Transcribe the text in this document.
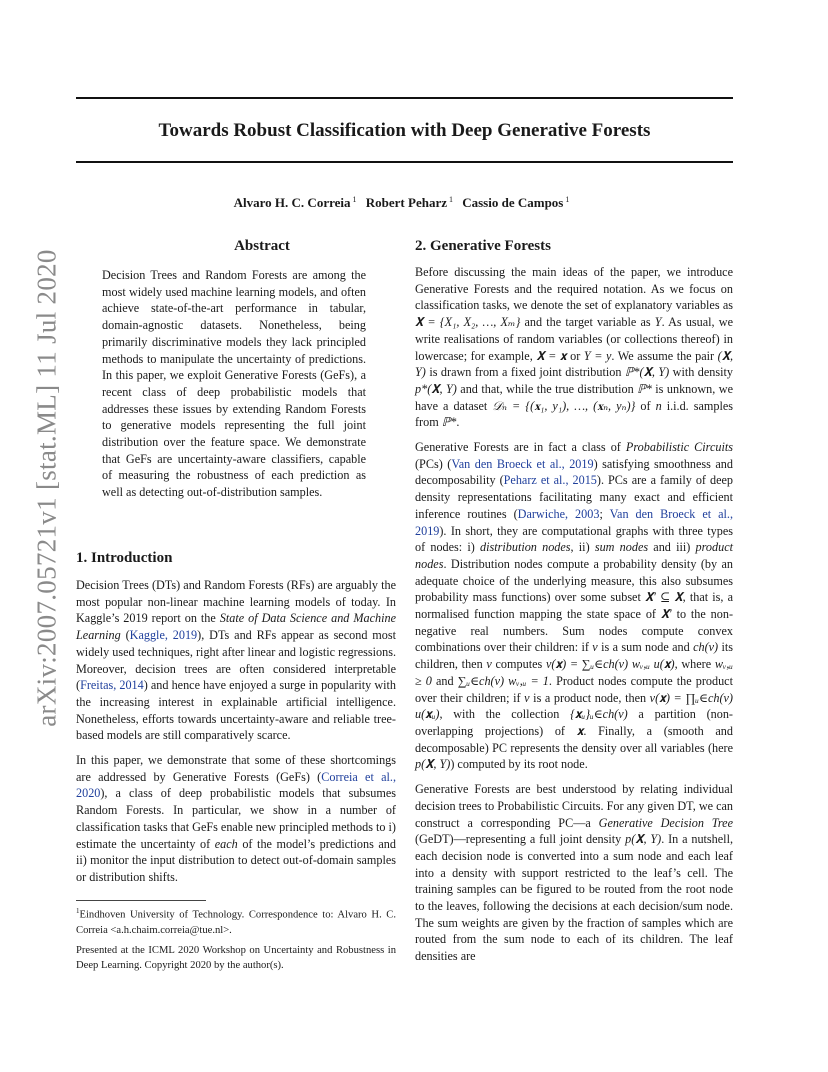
Towards Robust Classification with Deep Generative Forests
Alvaro H. C. Correia $^1$ Robert Peharz $^1$ Cassio de Campos $^1$
arXiv:2007.05721v1 [stat.ML] 11 Jul 2020
Abstract

Decision Trees and Random Forests are among the most widely used machine learning models, and often achieve state-of-the-art performance in tabular, domain-agnostic datasets. Nonetheless, being primarily discriminative models they lack principled methods to manipulate the uncertainty of predictions. In this paper, we exploit Generative Forests (GeFs), a recent class of deep probabilistic models that addresses these issues by extending Random Forests to generative models representing the full joint distribution over the feature space. We demonstrate that GeFs are uncertainty-aware classifiers, capable of measuring the robustness of each prediction as well as detecting out-of-distribution samples.

1. Introduction

Decision Trees (DTs) and Random Forests (RFs) are arguably the most popular non-linear machine learning models of today. In Kaggle’s 2019 report on the State of Data Science and Machine Learning (Kaggle, 2019), DTs and RFs appear as second most widely used techniques, right after linear and logistic regressions. Moreover, decision trees are often considered interpretable (Freitas, 2014) and hence have enjoyed a surge in popularity with the increasing interest in explainable artificial intelligence. Nonetheless, efforts towards uncertainty-aware and reliable tree-based models are still comparatively scarce.

In this paper, we demonstrate that some of these shortcomings are addressed by Generative Forests (GeFs) (Correia et al., 2020), a class of deep probabilistic models that subsumes Random Forests. In particular, we show in a number of classification tasks that GeFs enable new principled methods to i) estimate the uncertainty of each of the model’s predictions and ii) monitor the input distribution to detect out-of-domain samples or distribution shifts.

$^1$Eindhoven University of Technology. Correspondence to: Alvaro H. C. Correia <a.h.chaim.correia@tue.nl>.
Presented at the ICML 2020 Workshop on Uncertainty and Robustness in Deep Learning. Copyright 2020 by the author(s).
2. Generative Forests

Before discussing the main ideas of the paper, we introduce Generative Forests and the required notation. As we focus on classification tasks, we denote the set of explanatory variables as 𝐗 = {X₁, X₂, …, Xₘ} and the target variable as Y. As usual, we write realisations of random variables (or collections thereof) in lowercase; for example, 𝐗 = 𝐱 or Y = y. We assume the pair (𝐗, Y) is drawn from a fixed joint distribution ℙ*(𝐗, Y) with density p*(𝐗, Y) and that, while the true distribution ℙ* is unknown, we have a dataset 𝒟ₙ = {(𝐱₁, y₁), …, (𝐱ₙ, yₙ)} of n i.i.d. samples from ℙ*.

Generative Forests are in fact a class of Probabilistic Circuits (PCs) (Van den Broeck et al., 2019) satisfying smoothness and decomposability (Peharz et al., 2015). PCs are a family of deep density representations facilitating many exact and efficient inference routines (Darwiche, 2003; Van den Broeck et al., 2019). In short, they are computational graphs with three types of nodes: i) distribution nodes, ii) sum nodes and iii) product nodes. Distribution nodes compute a probability density (by an adequate choice of the underlying measure, this also subsumes probability mass functions) over some subset 𝐗′ ⊆ 𝐗, that is, a normalised function mapping the state space of 𝐗′ to the non-negative real numbers. Sum nodes compute convex combinations over their children: if v is a sum node and ch(v) its children, then v computes v(𝐱) = ∑ᵤ∈ch(v) wᵥ,ᵤ u(𝐱), where wᵥ,ᵤ ≥ 0 and ∑ᵤ∈ch(v) wᵥ,ᵤ = 1. Product nodes compute the product over their children; if v is a product node, then v(𝐱) = ∏ᵤ∈ch(v) u(𝐱ᵤ), with the collection {𝐱ᵤ}ᵤ∈ch(v) a partition (non-overlapping projections) of 𝐱. Finally, a (smooth and decomposable) PC represents the density over all variables (here p(𝐗, Y)) computed by its root node.

Generative Forests are best understood by relating individual decision trees to Probabilistic Circuits. For any given DT, we can construct a corresponding PC—a Generative Decision Tree (GeDT)—representing a full joint density p(𝐗, Y). In a nutshell, each decision node is converted into a sum node and each leaf into a density with support restricted to the leaf’s cell. The training samples can be figured to be routed from the root node to the leaves, following the decisions at each decision/sum node. The sum weights are given by the fraction of samples which are routed from the sum node to each of its children. The leaf densities are
